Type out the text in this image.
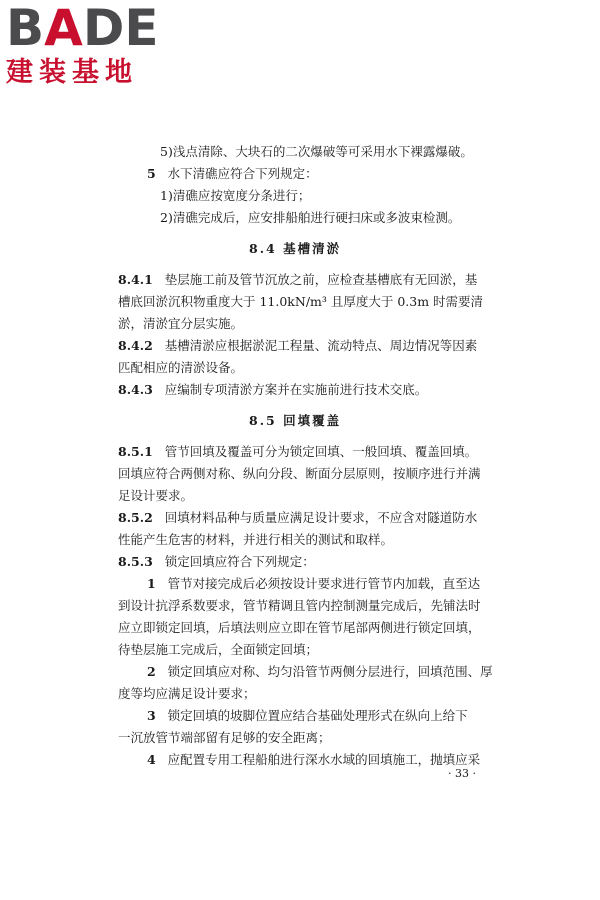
BADE
建装基地
5)浅点清除、大块石的二次爆破等可采用水下裸露爆破。
5 水下清礁应符合下列规定：
1)清礁应按宽度分条进行；
2)清礁完成后，应安排船舶进行硬扫床或多波束检测。
8.4 基槽清淤
8.4.1 垫层施工前及管节沉放之前，应检查基槽底有无回淤，基
槽底回淤沉积物重度大于 11.0kN/m³ 且厚度大于 0.3m 时需要清
淤，清淤宜分层实施。
8.4.2 基槽清淤应根据淤泥工程量、流动特点、周边情况等因素
匹配相应的清淤设备。
8.4.3 应编制专项清淤方案并在实施前进行技术交底。
8.5 回填覆盖
8.5.1 管节回填及覆盖可分为锁定回填、一般回填、覆盖回填。
回填应符合两侧对称、纵向分段、断面分层原则，按顺序进行并满
足设计要求。
8.5.2 回填材料品种与质量应满足设计要求，不应含对隧道防水
性能产生危害的材料，并进行相关的测试和取样。
8.5.3 锁定回填应符合下列规定：
1 管节对接完成后必须按设计要求进行管节内加载，直至达
到设计抗浮系数要求，管节精调且管内控制测量完成后，先铺法时
应立即锁定回填，后填法则应立即在管节尾部两侧进行锁定回填，
待垫层施工完成后，全面锁定回填；
2 锁定回填应对称、均匀沿管节两侧分层进行，回填范围、厚
度等均应满足设计要求；
3 锁定回填的坡脚位置应结合基础处理形式在纵向上给下
一沉放管节端部留有足够的安全距离；
4 应配置专用工程船舶进行深水水域的回填施工，抛填应采
· 33 ·
